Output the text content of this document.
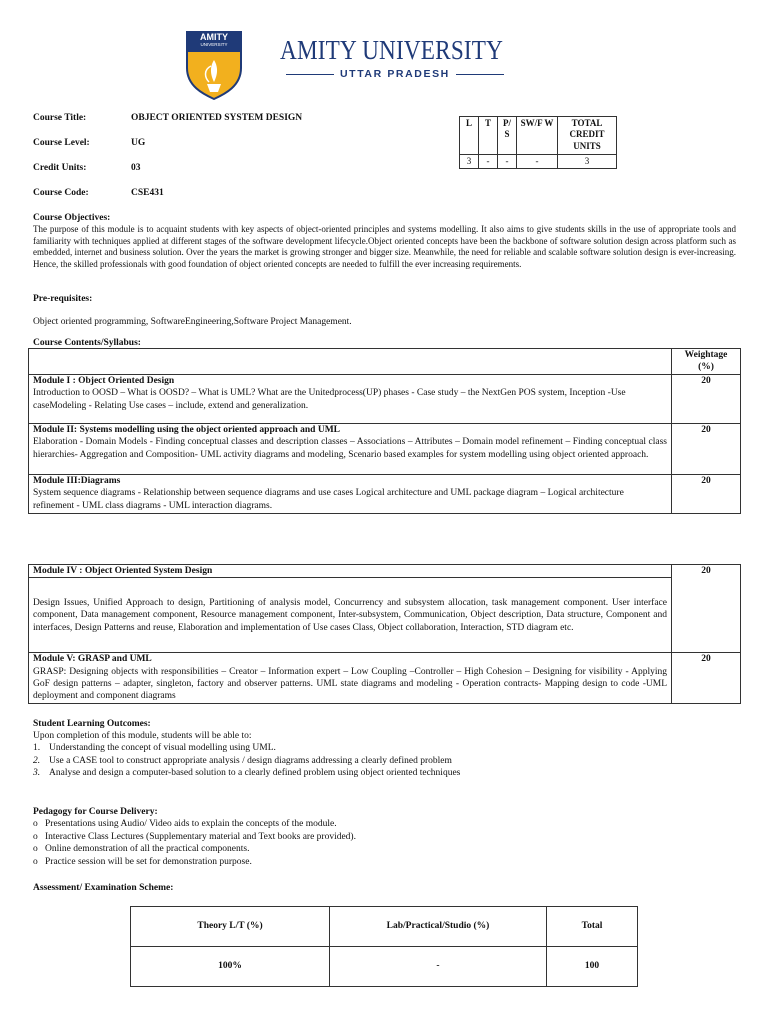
AMITY
UNIVERSITY	AMITY UNIVERSITY
UTTAR PRADESH
Course Title:	OBJECT ORIENTED SYSTEM DESIGN
Course Level:	UG
Credit Units:	03
Course Code:	CSE431
L	T	P/ S	SW/F W	TOTAL CREDIT UNITS
3	-	-	-	3
Course Objectives:

The purpose of this module is to acquaint students with key aspects of object-oriented principles and systems modelling. It also aims to give students skills in the use of appropriate tools and familiarity with techniques applied at different stages of the software development lifecycle.Object oriented concepts have been the backbone of software solution design across platform such as embedded, internet and business solution. Over the years the market is growing stronger and bigger size. Meanwhile, the need for reliable and scalable software solution design is ever-increasing. Hence, the skilled professionals with good foundation of object oriented concepts are needed to fulfill the ever increasing requirements.

Pre-requisites:
Object oriented programming, SoftwareEngineering,Software Project Management.
Course Contents/Syllabus:
	Weightage (%)

Module I : Object Oriented Design
Introduction to OOSD – What is OOSD? – What is UML? What are the Unitedprocess(UP) phases - Case study – the NextGen POS system, Inception -Use caseModeling - Relating Use cases – include, extend and generalization.	20

Module II: Systems modelling using the object oriented approach and UML
Elaboration - Domain Models - Finding conceptual classes and description classes – Associations – Attributes – Domain model refinement – Finding conceptual class hierarchies- Aggregation and Composition- UML activity diagrams and modeling, Scenario based examples for system modelling using object oriented approach.	20

Module III:Diagrams
System sequence diagrams - Relationship between sequence diagrams and use cases Logical architecture and UML package diagram – Logical architecture refinement - UML class diagrams - UML interaction diagrams.	20
Module IV : Object Oriented System Design	20
Design Issues, Unified Approach to design, Partitioning of analysis model, Concurrency and subsystem allocation, task management component. User interface component, Data management component, Resource management component, Inter-subsystem, Communication, Object description, Data structure, Component and interfaces, Design Patterns and reuse, Elaboration and implementation of Use cases Class, Object collaboration, Interaction, STD diagram etc.	

Module V: GRASP and UML
GRASP: Designing objects with responsibilities – Creator – Information expert – Low Coupling –Controller – High Cohesion – Designing for visibility - Applying GoF design patterns – adapter, singleton, factory and observer patterns. UML state diagrams and modeling - Operation contracts- Mapping design to code -UML deployment and component diagrams	20
Student Learning Outcomes:
Upon completion of this module, students will be able to:
1. Understanding the concept of visual modelling using UML.
2. Use a CASE tool to construct appropriate analysis / design diagrams addressing a clearly defined problem
3. Analyse and design a computer-based solution to a clearly defined problem using object oriented techniques
Pedagogy for Course Delivery:
o Presentations using Audio/ Video aids to explain the concepts of the module.
o Interactive Class Lectures (Supplementary material and Text books are provided).
o Online demonstration of all the practical components.
o Practice session will be set for demonstration purpose.
Assessment/ Examination Scheme:
Theory L/T (%)	Lab/Practical/Studio (%)	Total
100%	-	100
